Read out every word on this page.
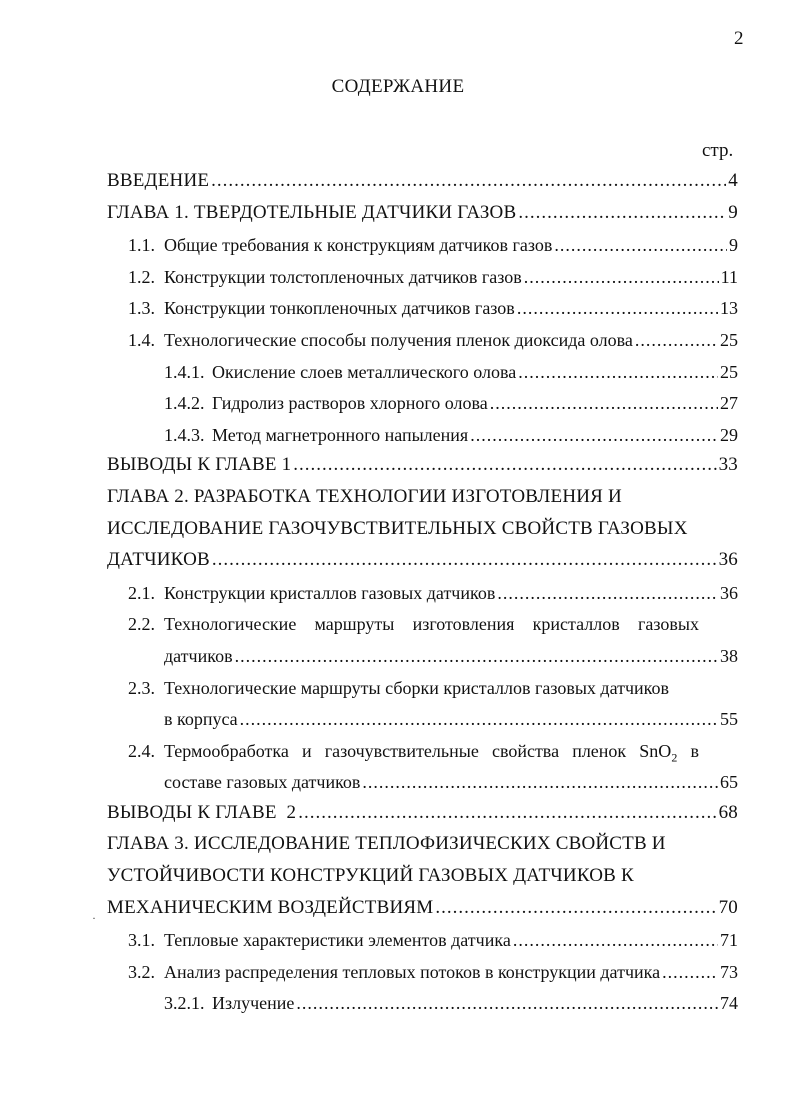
2
СОДЕРЖАНИЕ
стр.
ВВЕДЕНИЕ .....	4
ГЛАВА 1. ТВЕРДОТЕЛЬНЫЕ ДАТЧИКИ ГАЗОВ .....	9
1.1. Общие требования к конструкциям датчиков газов .....	9
1.2. Конструкции толстопленочных датчиков газов .....	11
1.3. Конструкции тонкопленочных датчиков газов .....	13
1.4. Технологические способы получения пленок диоксида олова .....	25
1.4.1. Окисление слоев металлического олова .....	25
1.4.2. Гидролиз растворов хлорного олова .....	27
1.4.3. Метод магнетронного напыления .....	29
ВЫВОДЫ К ГЛАВЕ 1 .....	33
ГЛАВА 2. РАЗРАБОТКА ТЕХНОЛОГИИ ИЗГОТОВЛЕНИЯ И
ИССЛЕДОВАНИЕ ГАЗОЧУВСТВИТЕЛЬНЫХ СВОЙСТВ ГАЗОВЫХ
ДАТЧИКОВ .....	36
2.1. Конструкции кристаллов газовых датчиков .....	36
2.2. Технологические маршруты изготовления кристаллов газовых
датчиков .....	38
2.3. Технологические маршруты сборки кристаллов газовых датчиков
в корпуса .....	55
2.4. Термообработка и газочувствительные свойства пленок SnO$_2$ в
составе газовых датчиков .....	65
ВЫВОДЫ К ГЛАВЕ  2 .....	68
ГЛАВА 3. ИССЛЕДОВАНИЕ ТЕПЛОФИЗИЧЕСКИХ СВОЙСТВ И
УСТОЙЧИВОСТИ КОНСТРУКЦИЙ ГАЗОВЫХ ДАТЧИКОВ К
МЕХАНИЧЕСКИМ ВОЗДЕЙСТВИЯМ .....	70
3.1. Тепловые характеристики элементов датчика .....	71
3.2. Анализ распределения тепловых потоков в конструкции датчика .....	73
3.2.1. Излучение .....	74
·
